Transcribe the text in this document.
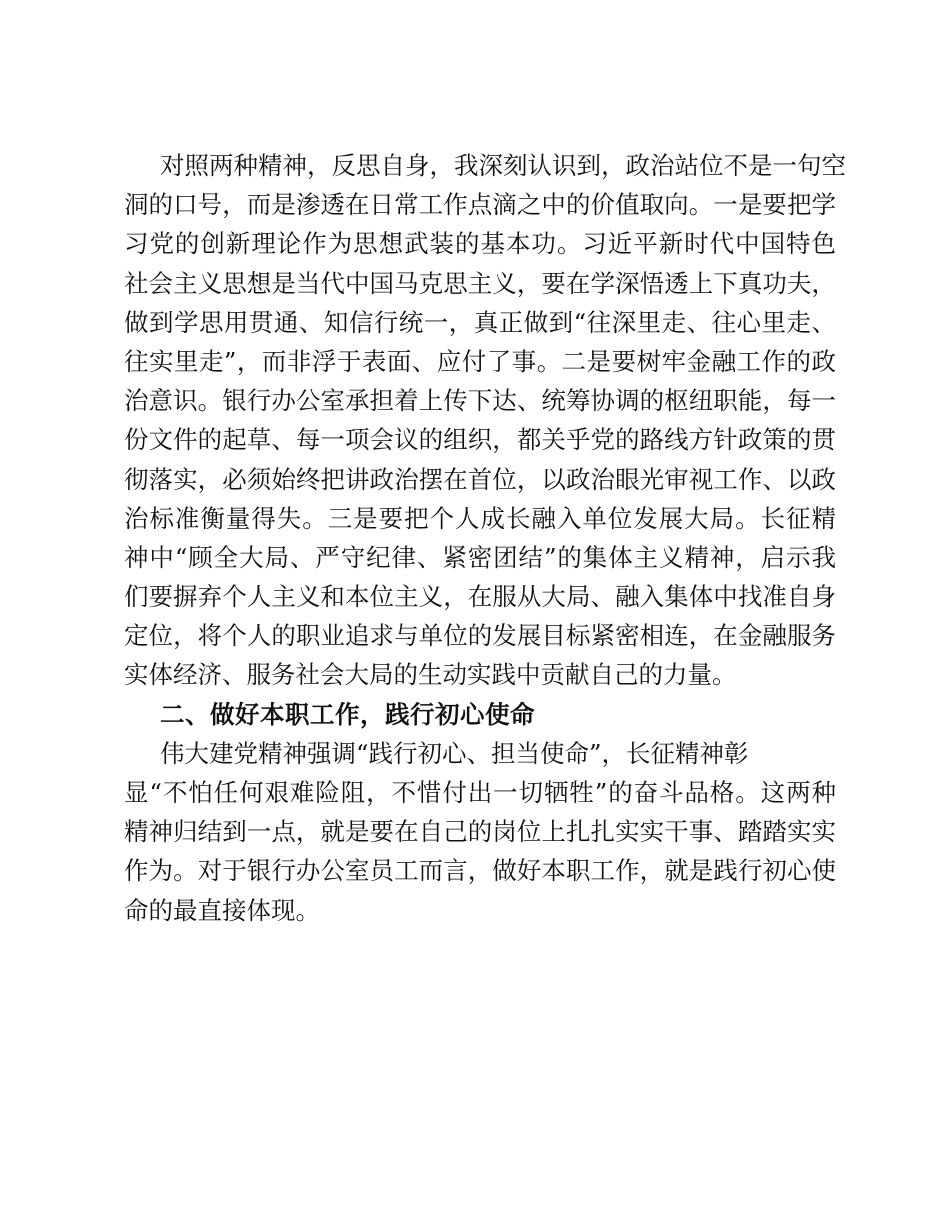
对照两种精神，反思自身，我深刻认识到，政治站位不是一句空
洞的口号，而是渗透在日常工作点滴之中的价值取向。一是要把学
习党的创新理论作为思想武装的基本功。习近平新时代中国特色
社会主义思想是当代中国马克思主义，要在学深悟透上下真功夫，
做到学思用贯通、知信行统一，真正做到“往深里走、往心里走、
往实里走”，而非浮于表面、应付了事。二是要树牢金融工作的政
治意识。银行办公室承担着上传下达、统筹协调的枢纽职能，每一
份文件的起草、每一项会议的组织，都关乎党的路线方针政策的贯
彻落实，必须始终把讲政治摆在首位，以政治眼光审视工作、以政
治标准衡量得失。三是要把个人成长融入单位发展大局。长征精
神中“顾全大局、严守纪律、紧密团结”的集体主义精神，启示我
们要摒弃个人主义和本位主义，在服从大局、融入集体中找准自身
定位，将个人的职业追求与单位的发展目标紧密相连，在金融服务
实体经济、服务社会大局的生动实践中贡献自己的力量。
二、做好本职工作，践行初心使命
伟大建党精神强调“践行初心、担当使命”，长征精神彰
显“不怕任何艰难险阻，不惜付出一切牺牲”的奋斗品格。这两种
精神归结到一点，就是要在自己的岗位上扎扎实实干事、踏踏实实
作为。对于银行办公室员工而言，做好本职工作，就是践行初心使
命的最直接体现。
